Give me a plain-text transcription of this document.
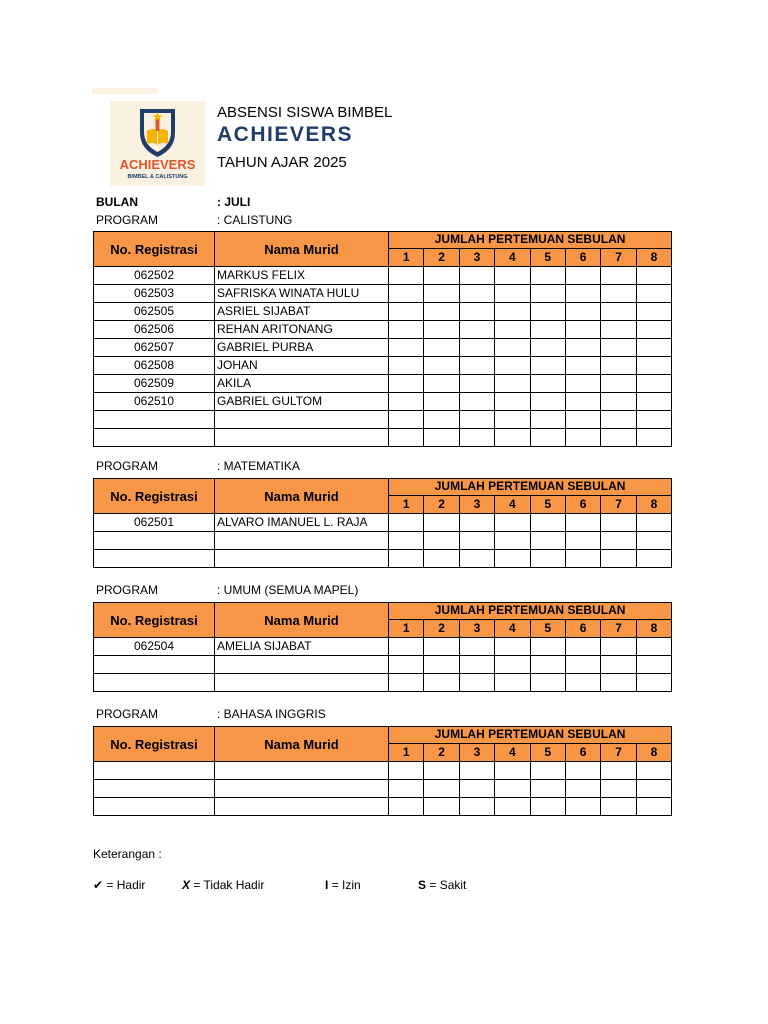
ACHIEVERS
BIMBEL & CALISTUNG
ABSENSI SISWA BIMBEL
ACHIEVERS
TAHUN AJAR 2025
BULAN	: JULI
PROGRAM	: CALISTUNG
PROGRAM	: MATEMATIKA
PROGRAM	: UMUM (SEMUA MAPEL)
PROGRAM	: BAHASA INGGRIS
No. Registrasi	Nama Murid	JUMLAH PERTEMUAN SEBULAN							
		1	2	3	4	5	6	7	8
062502	MARKUS FELIX								
062503	SAFRISKA WINATA HULU								
062505	ASRIEL SIJABAT								
062506	REHAN ARITONANG								
062507	GABRIEL PURBA								
062508	JOHAN								
062509	AKILA								
062510	GABRIEL GULTOM								

No. Registrasi	Nama Murid	JUMLAH PERTEMUAN SEBULAN							
		1	2	3	4	5	6	7	8
062501	ALVARO IMANUEL L. RAJA								

No. Registrasi	Nama Murid	JUMLAH PERTEMUAN SEBULAN							
		1	2	3	4	5	6	7	8
062504	AMELIA SIJABAT								

No. Registrasi	Nama Murid	JUMLAH PERTEMUAN SEBULAN							
		1	2	3	4	5	6	7	8

Keterangan :
✔ = Hadir	X = Tidak Hadir	I = Izin	S = Sakit
